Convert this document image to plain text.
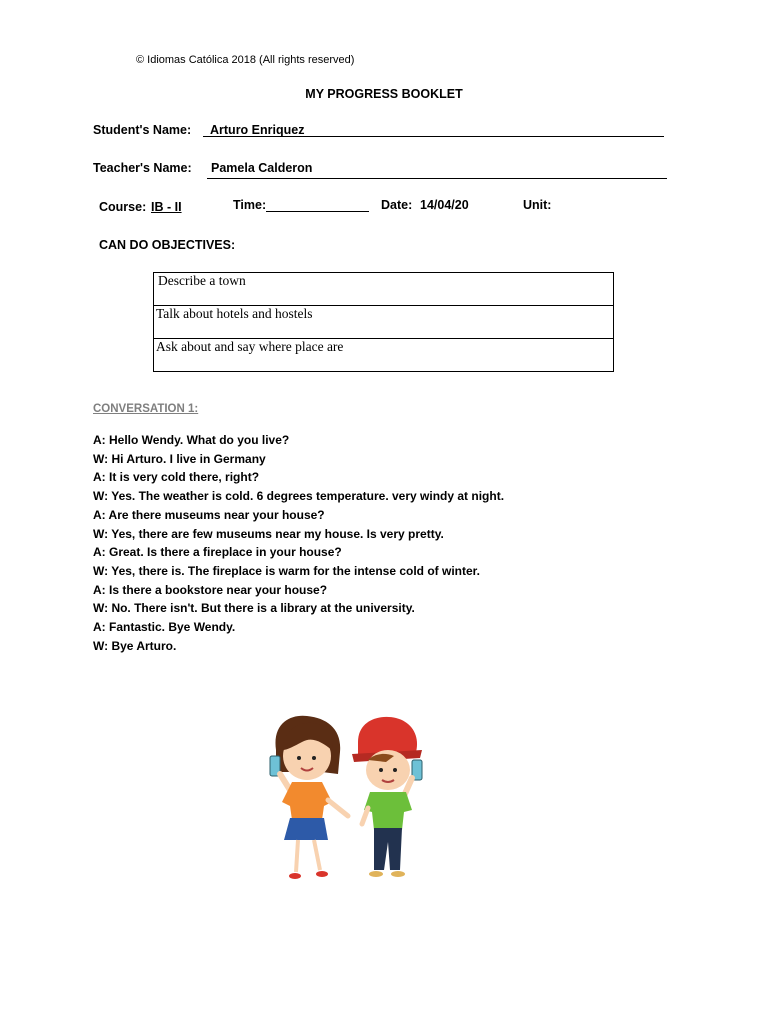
© Idiomas Católica 2018 (All rights reserved)
MY PROGRESS BOOKLET
Student's Name: Arturo Enriquez
Teacher's Name: Pamela Calderon
Course: IB - II	Time:	Date: 14/04/20	Unit:
CAN DO OBJECTIVES:
Describe a town
Talk about hotels and hostels
Ask about and say where place are
CONVERSATION 1:
A: Hello Wendy. What do you live?
W: Hi Arturo. I live in Germany
A: It is very cold there, right?
W: Yes. The weather is cold. 6 degrees temperature. very windy at night.
A: Are there museums near your house?
W: Yes, there are few museums near my house. Is very pretty.
A: Great. Is there a fireplace in your house?
W: Yes, there is. The fireplace is warm for the intense cold of winter.
A: Is there a bookstore near your house?
W: No. There isn't. But there is a library at the university.
A: Fantastic. Bye Wendy.
W: Bye Arturo.
